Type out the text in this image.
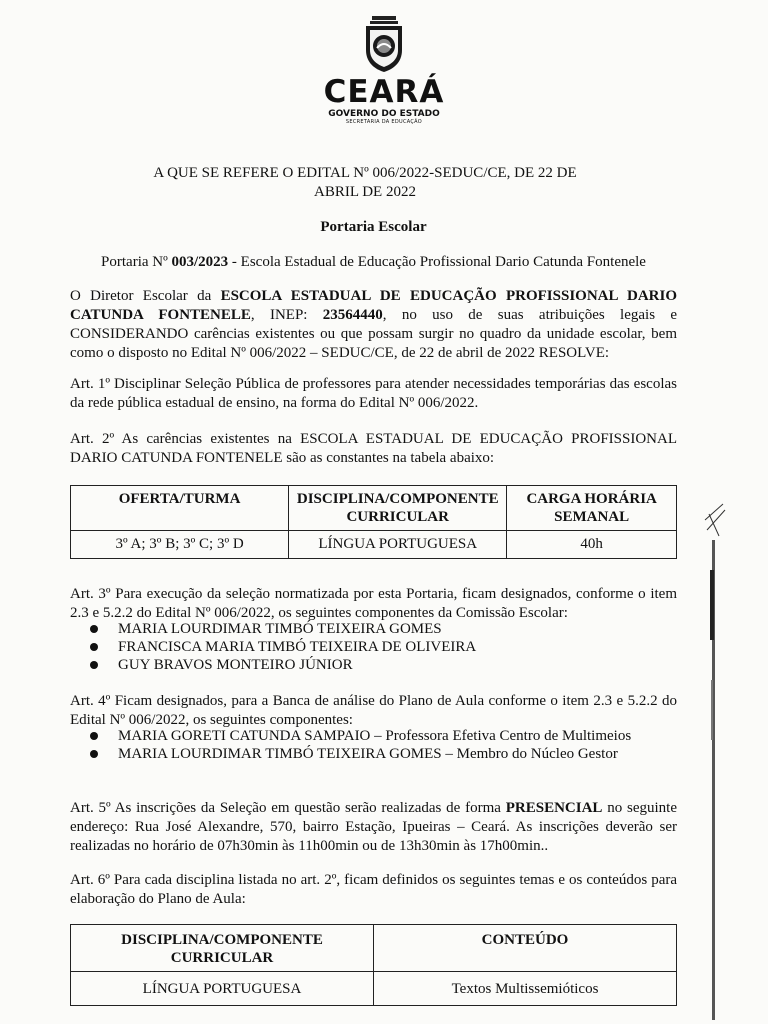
CEARÁ
GOVERNO DO ESTADO
SECRETARIA DA EDUCAÇÃO
A QUE SE REFERE O EDITAL Nº 006/2022-SEDUC/CE, DE 22 DE ABRIL DE 2022
Portaria Escolar
Portaria Nº 003/2023 - Escola Estadual de Educação Profissional Dario Catunda Fontenele

O Diretor Escolar da ESCOLA ESTADUAL DE EDUCAÇÃO PROFISSIONAL DARIO CATUNDA FONTENELE, INEP: 23564440, no uso de suas atribuições legais e CONSIDERANDO carências existentes ou que possam surgir no quadro da unidade escolar, bem como o disposto no Edital Nº 006/2022 – SEDUC/CE, de 22 de abril de 2022 RESOLVE:

Art. 1º Disciplinar Seleção Pública de professores para atender necessidades temporárias das escolas da rede pública estadual de ensino, na forma do Edital Nº 006/2022.

Art. 2º As carências existentes na ESCOLA ESTADUAL DE EDUCAÇÃO PROFISSIONAL DARIO CATUNDA FONTENELE são as constantes na tabela abaixo:

OFERTA/TURMA	DISCIPLINA/COMPONENTE CURRICULAR	CARGA HORÁRIA SEMANAL
3º A; 3º B; 3º C; 3º D	LÍNGUA PORTUGUESA	40h

Art. 3º Para execução da seleção normatizada por esta Portaria, ficam designados, conforme o item 2.3 e 5.2.2 do Edital Nº 006/2022, os seguintes componentes da Comissão Escolar:

MARIA LOURDIMAR TIMBÓ TEIXEIRA GOMES
FRANCISCA MARIA TIMBÓ TEIXEIRA DE OLIVEIRA
GUY BRAVOS MONTEIRO JÚNIOR

Art. 4º Ficam designados, para a Banca de análise do Plano de Aula conforme o item 2.3 e 5.2.2 do Edital Nº 006/2022, os seguintes componentes:

MARIA GORETI CATUNDA SAMPAIO – Professora Efetiva Centro de Multimeios
MARIA LOURDIMAR TIMBÓ TEIXEIRA GOMES – Membro do Núcleo Gestor

Art. 5º As inscrições da Seleção em questão serão realizadas de forma PRESENCIAL no seguinte endereço: Rua José Alexandre, 570, bairro Estação, Ipueiras – Ceará. As inscrições deverão ser realizadas no horário de 07h30min às 11h00min ou de 13h30min às 17h00min..

Art. 6º Para cada disciplina listada no art. 2º, ficam definidos os seguintes temas e os conteúdos para elaboração do Plano de Aula:

DISCIPLINA/COMPONENTE CURRICULAR	CONTEÚDO
LÍNGUA PORTUGUESA	Textos Multissemióticos
